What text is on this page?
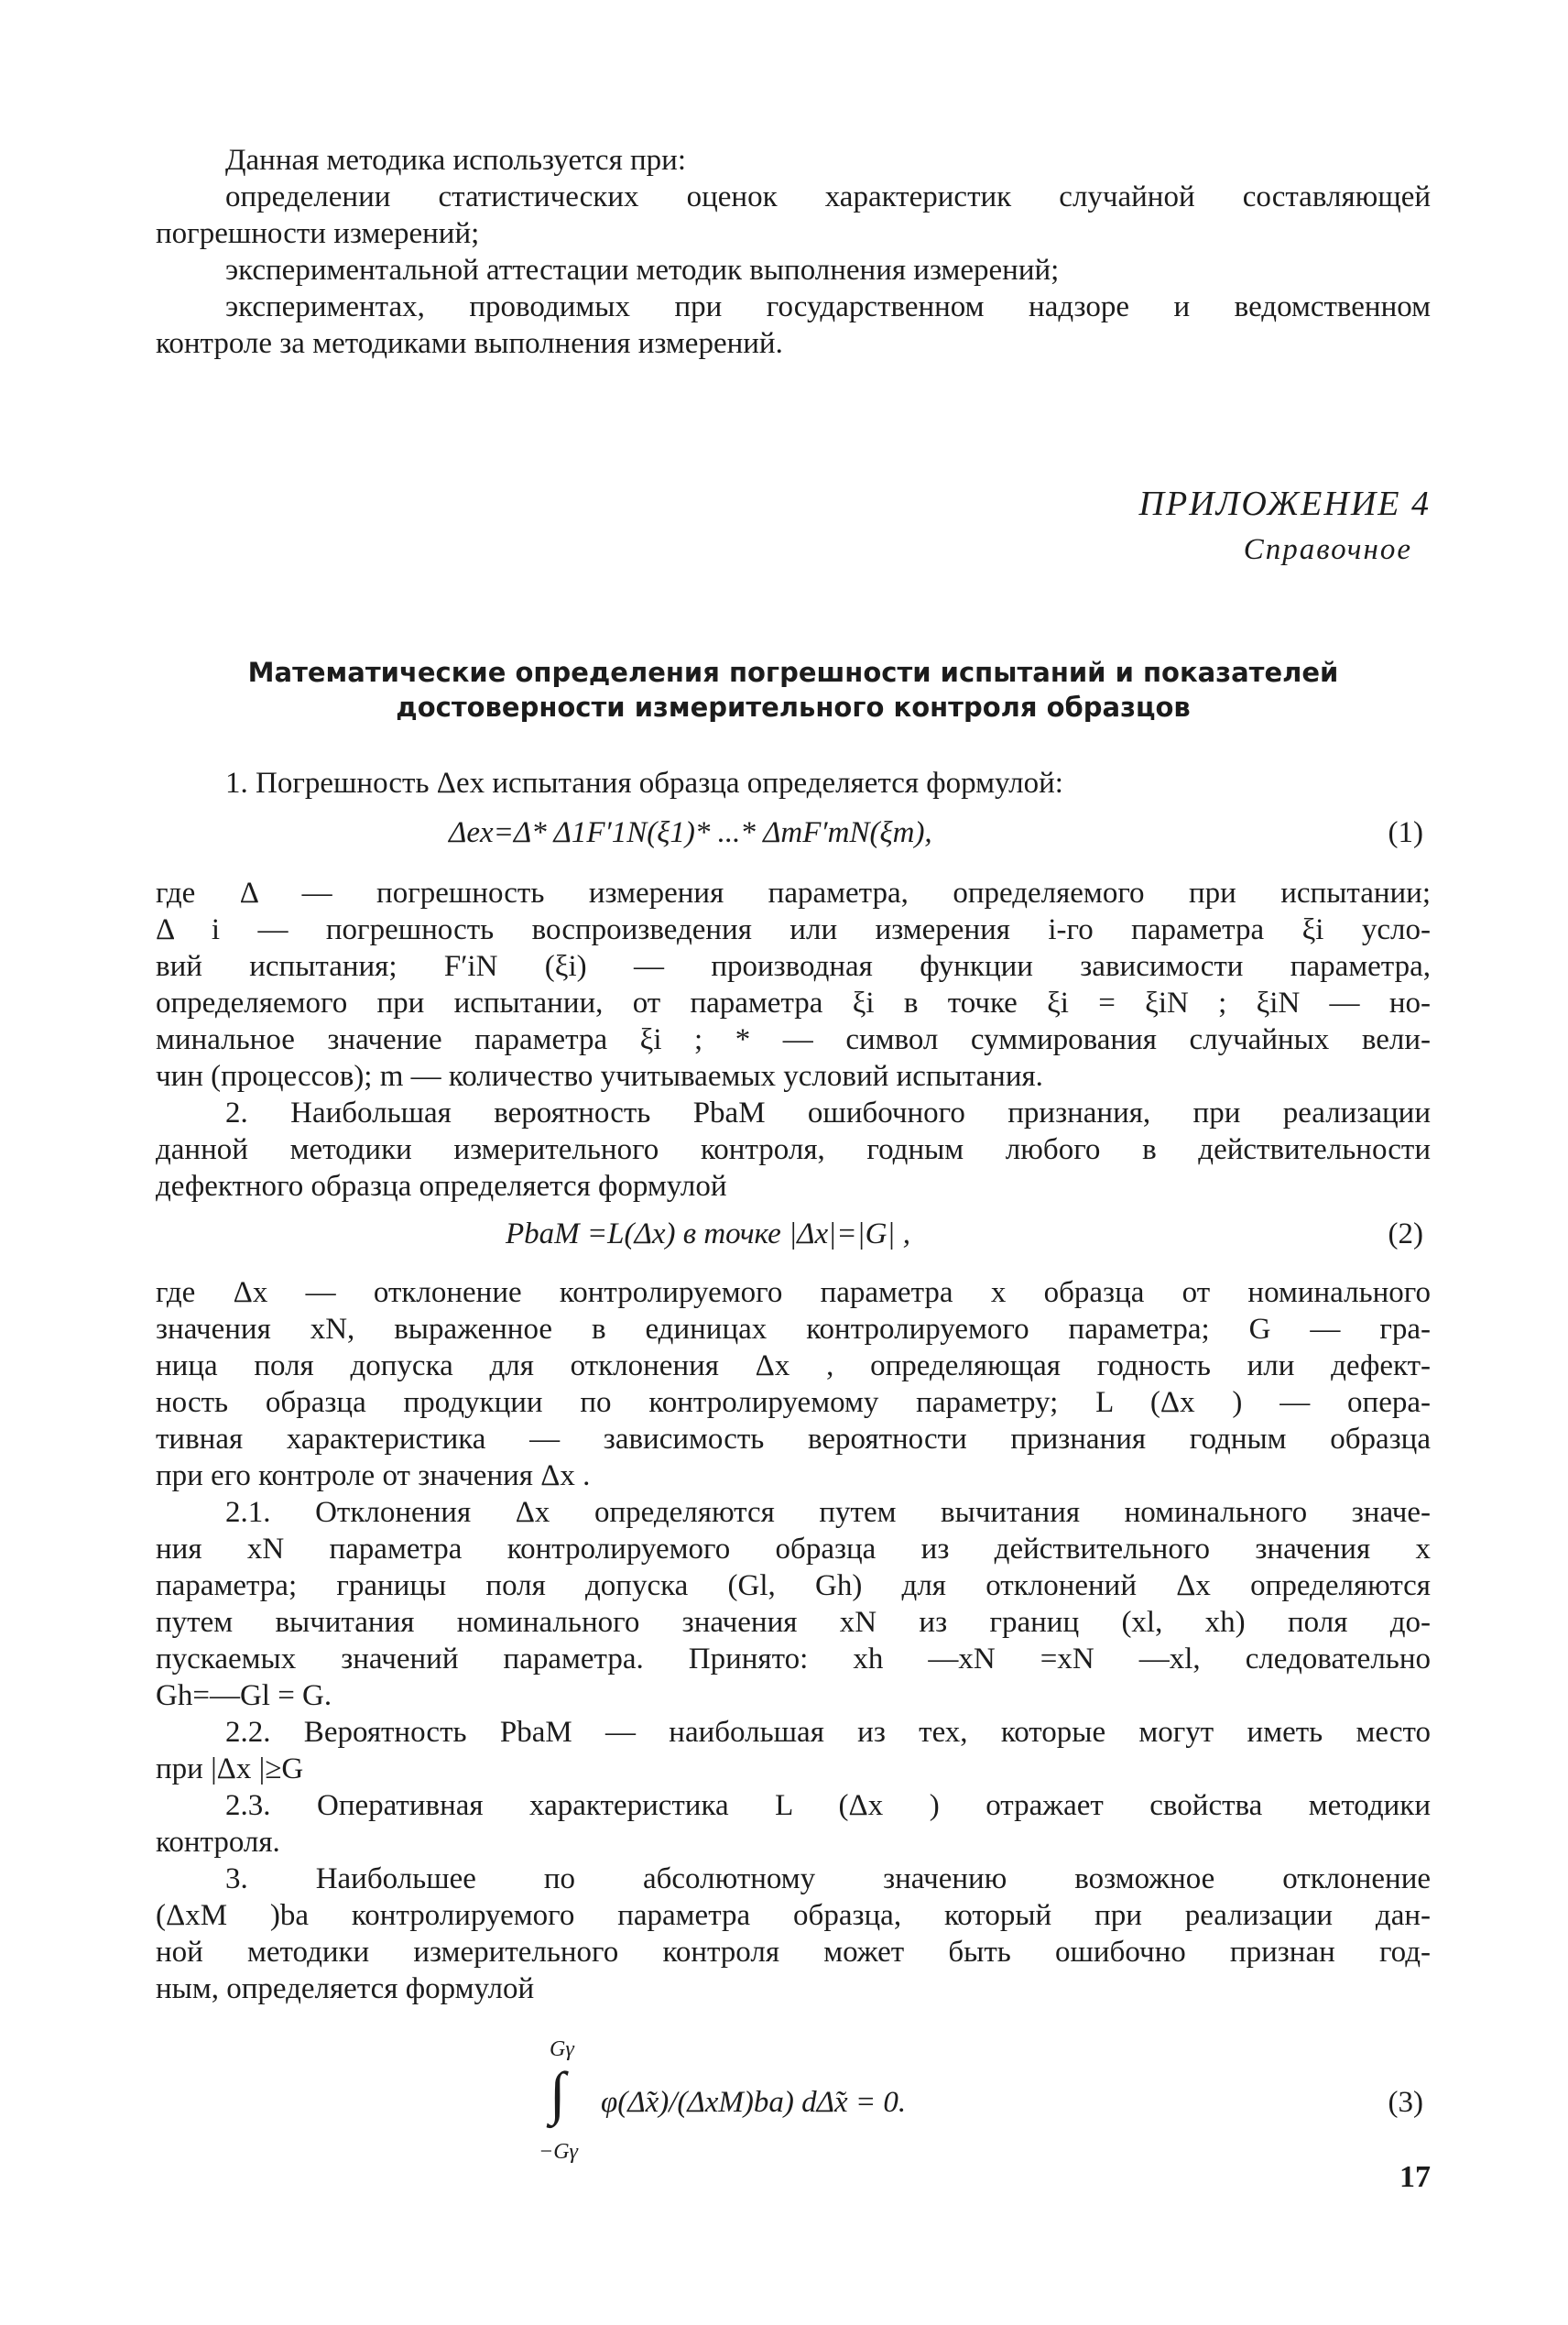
Данная методика используется при:
определении статистических оценок характеристик случайной составляющей
погрешности измерений;
экспериментальной аттестации методик выполнения измерений;
экспериментах, проводимых при государственном надзоре и ведомственном
контроле за методиками выполнения измерений.
ПРИЛОЖЕНИЕ 4
Справочное
Математические определения погрешности испытаний и показателей
достоверности измерительного контроля образцов
1. Погрешность Δex испытания образца определяется формулой:
Δex=Δ* Δ1F′1N(ξ1)* ...* ΔmF′mN(ξm),	(1)
где Δ — погрешность измерения параметра, определяемого при испытании;
Δ i — погрешность воспроизведения или измерения i-го параметра ξi усло-
вий испытания; F′iN (ξi) — производная функции зависимости параметра,
определяемого при испытании, от параметра ξi в точке ξi = ξiN ; ξiN — но-
минальное значение параметра ξi ; * — символ суммирования случайных вели-
чин (процессов); m — количество учитываемых условий испытания.
2. Наибольшая вероятность PbaM ошибочного признания, при реализации
данной методики измерительного контроля, годным любого в действительности
дефектного образца определяется формулой
PbaM =L(Δx) в точке |Δx|=|G| ,	(2)
где Δx — отклонение контролируемого параметра x образца от номинального
значения xN, выраженное в единицах контролируемого параметра; G — гра-
ница поля допуска для отклонения Δx , определяющая годность или дефект-
ность образца продукции по контролируемому параметру; L (Δx ) — опера-
тивная характеристика — зависимость вероятности признания годным образца
при его контроле от значения Δx .
2.1. Отклонения Δx определяются путем вычитания номинального значе-
ния xN параметра контролируемого образца из действительного значения x
параметра; границы поля допуска (Gl, Gh) для отклонений Δx определяются
путем вычитания номинального значения xN из границ (xl, xh) поля до-
пускаемых значений параметра. Принято: xh —xN =xN —xl, следовательно
Gh=—Gl = G.
2.2. Вероятность PbaM — наибольшая из тех, которые могут иметь место
при |Δx |≥G
2.3. Оперативная характеристика L (Δx ) отражает свойства методики
контроля.
3. Наибольшее по абсолютному значению возможное отклонение
(ΔxM )ba контролируемого параметра образца, который при реализации дан-
ной методики измерительного контроля может быть ошибочно признан год-
ным, определяется формулой
Gγ
∫
−Gγ
φ(Δ̃x)/(ΔxM)ba) dΔ̃x = 0.	(3)
17
